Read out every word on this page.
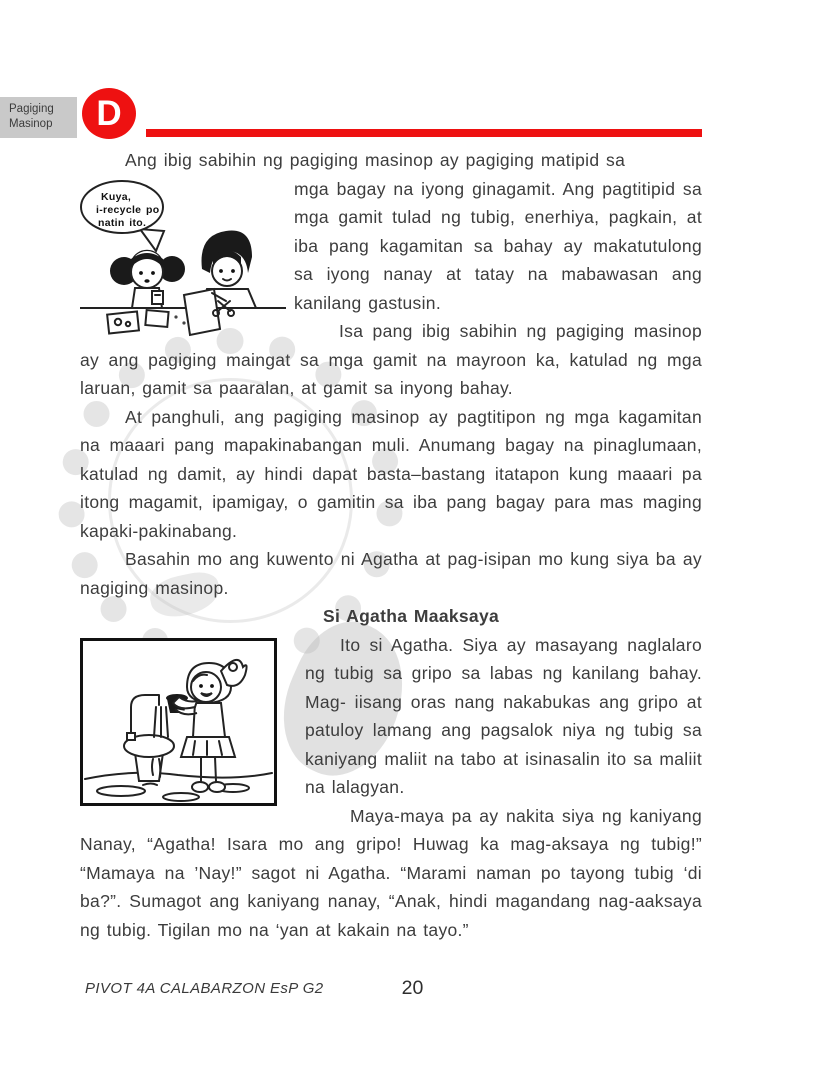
Pagiging
Masinop	D

Ang ibig sabihin ng pagiging masinop ay pagiging matipid sa

Kuya,
i-recycle po
natin ito.

mga bagay na iyong ginagamit. Ang pagtitipid sa mga gamit tulad ng tubig, enerhiya, pagkain, at iba pang kagamitan sa bahay ay makatutulong sa iyong nanay at tatay na mabawasan ang kanilang gastusin.

Isa pang ibig sabihin ng pagiging masinop ay ang pagiging maingat sa mga gamit na mayroon ka, katulad ng mga laruan, gamit sa paaralan, at gamit sa inyong bahay.

At panghuli, ang pagiging masinop ay pagtitipon ng mga kagamitan na maaari pang mapakinabangan muli. Anumang bagay na pinaglumaan, katulad ng damit, ay hindi dapat basta–bastang itatapon kung maaari pa itong magamit, ipamigay, o gamitin sa iba pang bagay para mas maging kapaki-pakinabang.

Basahin mo ang kuwento ni Agatha at pag-isipan mo kung siya ba ay nagiging masinop.

Si Agatha Maaksaya

Ito si Agatha. Siya ay masayang naglalaro ng tubig sa gripo sa labas ng kanilang bahay. Mag- iisang oras nang nakabukas ang gripo at patuloy lamang ang pagsalok niya ng tubig sa kaniyang maliit na tabo at isinasalin ito sa maliit na lalagyan.

Maya-maya pa ay nakita siya ng kaniyang Nanay, “Agatha! Isara mo ang gripo! Huwag ka mag-aksaya ng tubig!” “Mamaya na ’Nay!” sagot ni Agatha. “Marami naman po tayong tubig ‘di ba?”. Sumagot ang kaniyang nanay, “Anak, hindi magandang nag-aaksaya ng tubig. Tigilan mo na ‘yan at kakain na tayo.”

PIVOT 4A CALABARZON EsP G2	20
